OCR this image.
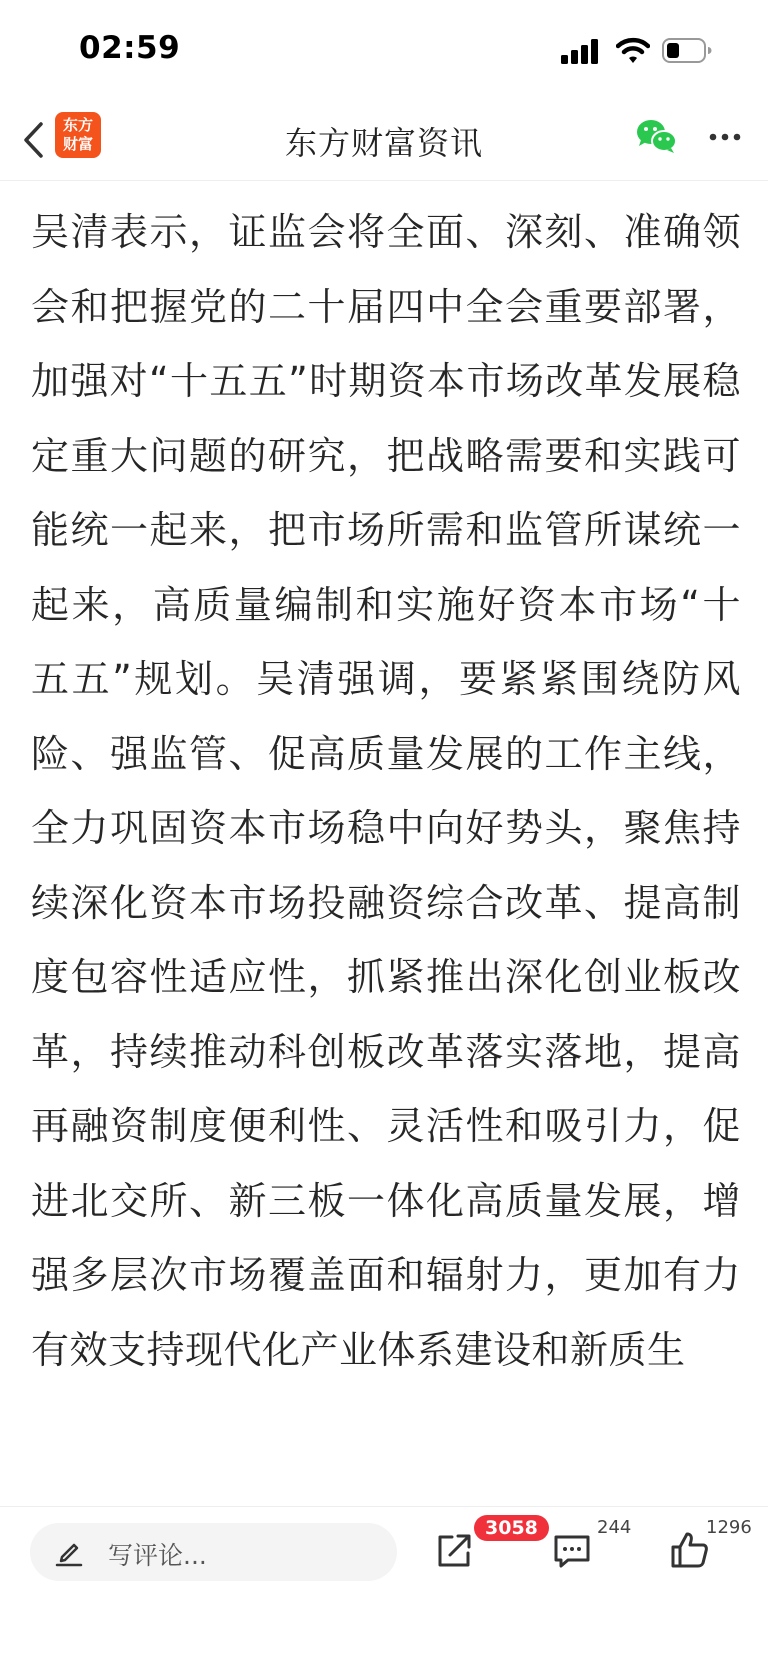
02:59
东方
财富	东方财富资讯

吴清表示，证监会将全面、深刻、准确领会和把握党的二十届四中全会重要部署，加强对“十五五”时期资本市场改革发展稳定重大问题的研究，把战略需要和实践可能统一起来，把市场所需和监管所谋统一起来，高质量编制和实施好资本市场“十五五”规划。吴清强调，要紧紧围绕防风险、强监管、促高质量发展的工作主线，全力巩固资本市场稳中向好势头，聚焦持续深化资本市场投融资综合改革、提高制度包容性适应性，抓紧推出深化创业板改革，持续推动科创板改革落实落地，提高再融资制度便利性、灵活性和吸引力，促进北交所、新三板一体化高质量发展，增强多层次市场覆盖面和辐射力，更加有力有效支持现代化产业体系建设和新质生

写评论...
3058	244	1296
